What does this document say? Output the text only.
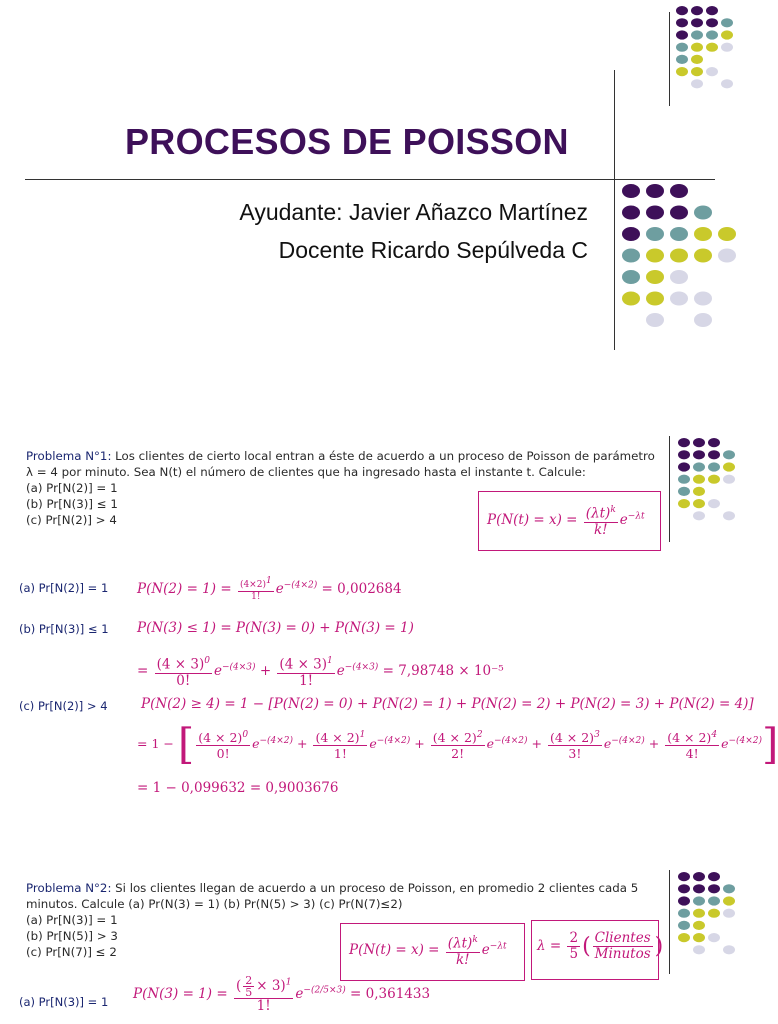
PROCESOS DE POISSON
Ayudante: Javier Añazco Martínez
Docente Ricardo Sepúlveda C
Problema N°1: Los clientes de cierto local entran a éste de acuerdo a un proceso de Poisson de parámetro λ = 4 por minuto. Sea N(t) el número de clientes que ha ingresado hasta el instante t. Calcule:
(a) Pr[N(2)] = 1
(b) Pr[N(3)] ≤ 1
(c) Pr[N(2)] > 4	$P(N(t) = x) = \frac{(\lambda t)^k}{k!} e^{-\lambda t}$
(a) Pr[N(2)] = 1 $P(N(2) = 1) = \frac{(4\times 2)^1}{1!} e^{-(4\times 2)} = 0,002684$
(b) Pr[N(3)] ≤ 1 P(N(3) ≤ 1) = P(N(3) = 0) + P(N(3) = 1)
= $\frac{(4 \times 3)^0}{0!} e^{-(4\times 3)} + \frac{(4 \times 3)^1}{1!} e^{-(4\times 3)} = 7,98748 \times 10^{-5}$
(c) Pr[N(2)] > 4 P(N(2) ≥ 4) = 1 − [P(N(2) = 0) + P(N(2) = 1) + P(N(2) = 2) + P(N(2) = 3) + P(N(2) = 4)]
= 1 − [ $\frac{(4 \times 2)^0}{0!} e^{-(4\times 2)} + \frac{(4 \times 2)^1}{1!} e^{-(4\times 2)} + \frac{(4 \times 2)^2}{2!} e^{-(4\times 2)} + \frac{(4 \times 2)^3}{3!} e^{-(4\times 2)} + \frac{(4 \times 2)^4}{4!} e^{-(4\times 2)}$]
= 1 − 0,099632 = 0,9003676
Problema N°2: Si los clientes llegan de acuerdo a un proceso de Poisson, en promedio 2 clientes cada 5 minutos. Calcule (a) Pr(N(3) = 1) (b) Pr(N(5) > 3) (c) Pr(N(7)≤2)
(a) Pr[N(3)] = 1
(b) Pr[N(5)] > 3
(c) Pr[N(7)] ≤ 2	$P(N(t) = x) = \frac{(\lambda t)^k}{k!} e^{-\lambda t}$ $\lambda = \frac{2}{5}$ ( $\frac{\text{Clientes}}{\text{Minutos}}$ )
(a) Pr[N(3)] = 1 $P(N(3) = 1) = \frac{( \frac{2}{5} \times 3)^1}{1!} e^{-(2/5\times 3)} = 0,361433$
